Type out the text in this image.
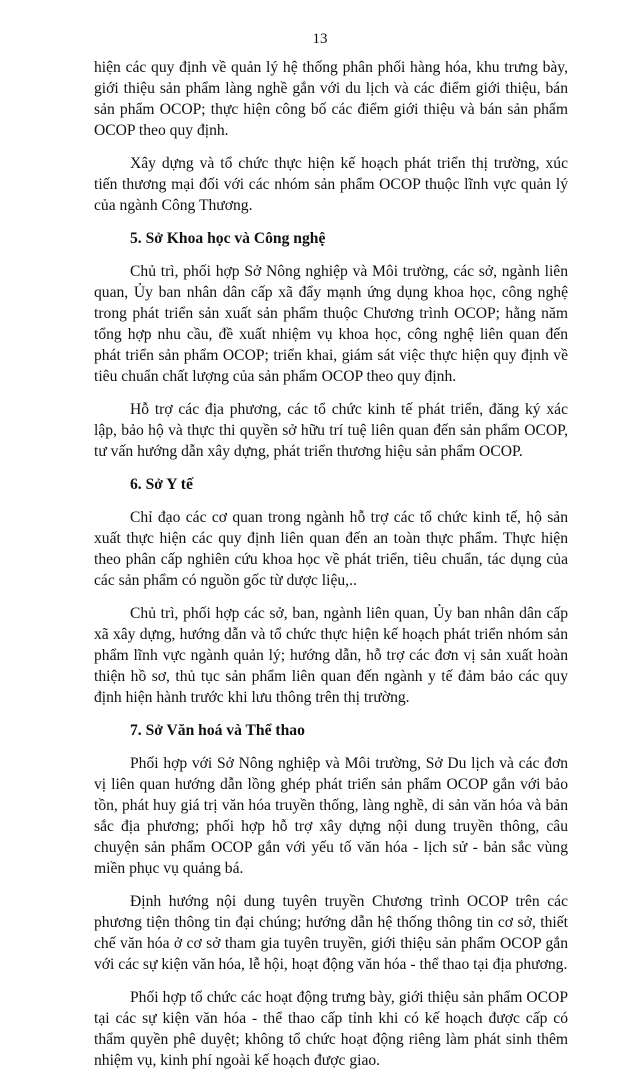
13

hiện các quy định về quản lý hệ thống phân phối hàng hóa, khu trưng bày, giới thiệu sản phẩm làng nghề gắn với du lịch và các điểm giới thiệu, bán sản phẩm OCOP; thực hiện công bố các điểm giới thiệu và bán sản phẩm OCOP theo quy định.

Xây dựng và tổ chức thực hiện kế hoạch phát triển thị trường, xúc tiến thương mại đối với các nhóm sản phẩm OCOP thuộc lĩnh vực quản lý của ngành Công Thương.

5. Sở Khoa học và Công nghệ

Chủ trì, phối hợp Sở Nông nghiệp và Môi trường, các sở, ngành liên quan, Ủy ban nhân dân cấp xã đẩy mạnh ứng dụng khoa học, công nghệ trong phát triển sản xuất sản phẩm thuộc Chương trình OCOP; hằng năm tổng hợp nhu cầu, đề xuất nhiệm vụ khoa học, công nghệ liên quan đến phát triển sản phẩm OCOP; triển khai, giám sát việc thực hiện quy định về tiêu chuẩn chất lượng của sản phẩm OCOP theo quy định.

Hỗ trợ các địa phương, các tổ chức kinh tế phát triển, đăng ký xác lập, bảo hộ và thực thi quyền sở hữu trí tuệ liên quan đến sản phẩm OCOP, tư vấn hướng dẫn xây dựng, phát triển thương hiệu sản phẩm OCOP.

6. Sở Y tế

Chỉ đạo các cơ quan trong ngành hỗ trợ các tổ chức kinh tế, hộ sản xuất thực hiện các quy định liên quan đến an toàn thực phẩm. Thực hiện theo phân cấp nghiên cứu khoa học về phát triển, tiêu chuẩn, tác dụng của các sản phẩm có nguồn gốc từ dược liệu,..

Chủ trì, phối hợp các sở, ban, ngành liên quan, Ủy ban nhân dân cấp xã xây dựng, hướng dẫn và tổ chức thực hiện kế hoạch phát triển nhóm sản phẩm lĩnh vực ngành quản lý; hướng dẫn, hỗ trợ các đơn vị sản xuất hoàn thiện hồ sơ, thủ tục sản phẩm liên quan đến ngành y tế đảm bảo các quy định hiện hành trước khi lưu thông trên thị trường.

7. Sở Văn hoá và Thể thao

Phối hợp với Sở Nông nghiệp và Môi trường, Sở Du lịch và các đơn vị liên quan hướng dẫn lồng ghép phát triển sản phẩm OCOP gắn với bảo tồn, phát huy giá trị văn hóa truyền thống, làng nghề, di sản văn hóa và bản sắc địa phương; phối hợp hỗ trợ xây dựng nội dung truyền thông, câu chuyện sản phẩm OCOP gắn với yếu tố văn hóa - lịch sử - bản sắc vùng miền phục vụ quảng bá.

Định hướng nội dung tuyên truyền Chương trình OCOP trên các phương tiện thông tin đại chúng; hướng dẫn hệ thống thông tin cơ sở, thiết chế văn hóa ở cơ sở tham gia tuyên truyền, giới thiệu sản phẩm OCOP gắn với các sự kiện văn hóa, lễ hội, hoạt động văn hóa - thể thao tại địa phương.

Phối hợp tổ chức các hoạt động trưng bày, giới thiệu sản phẩm OCOP tại các sự kiện văn hóa - thể thao cấp tỉnh khi có kế hoạch được cấp có thẩm quyền phê duyệt; không tổ chức hoạt động riêng làm phát sinh thêm nhiệm vụ, kinh phí ngoài kế hoạch được giao.
